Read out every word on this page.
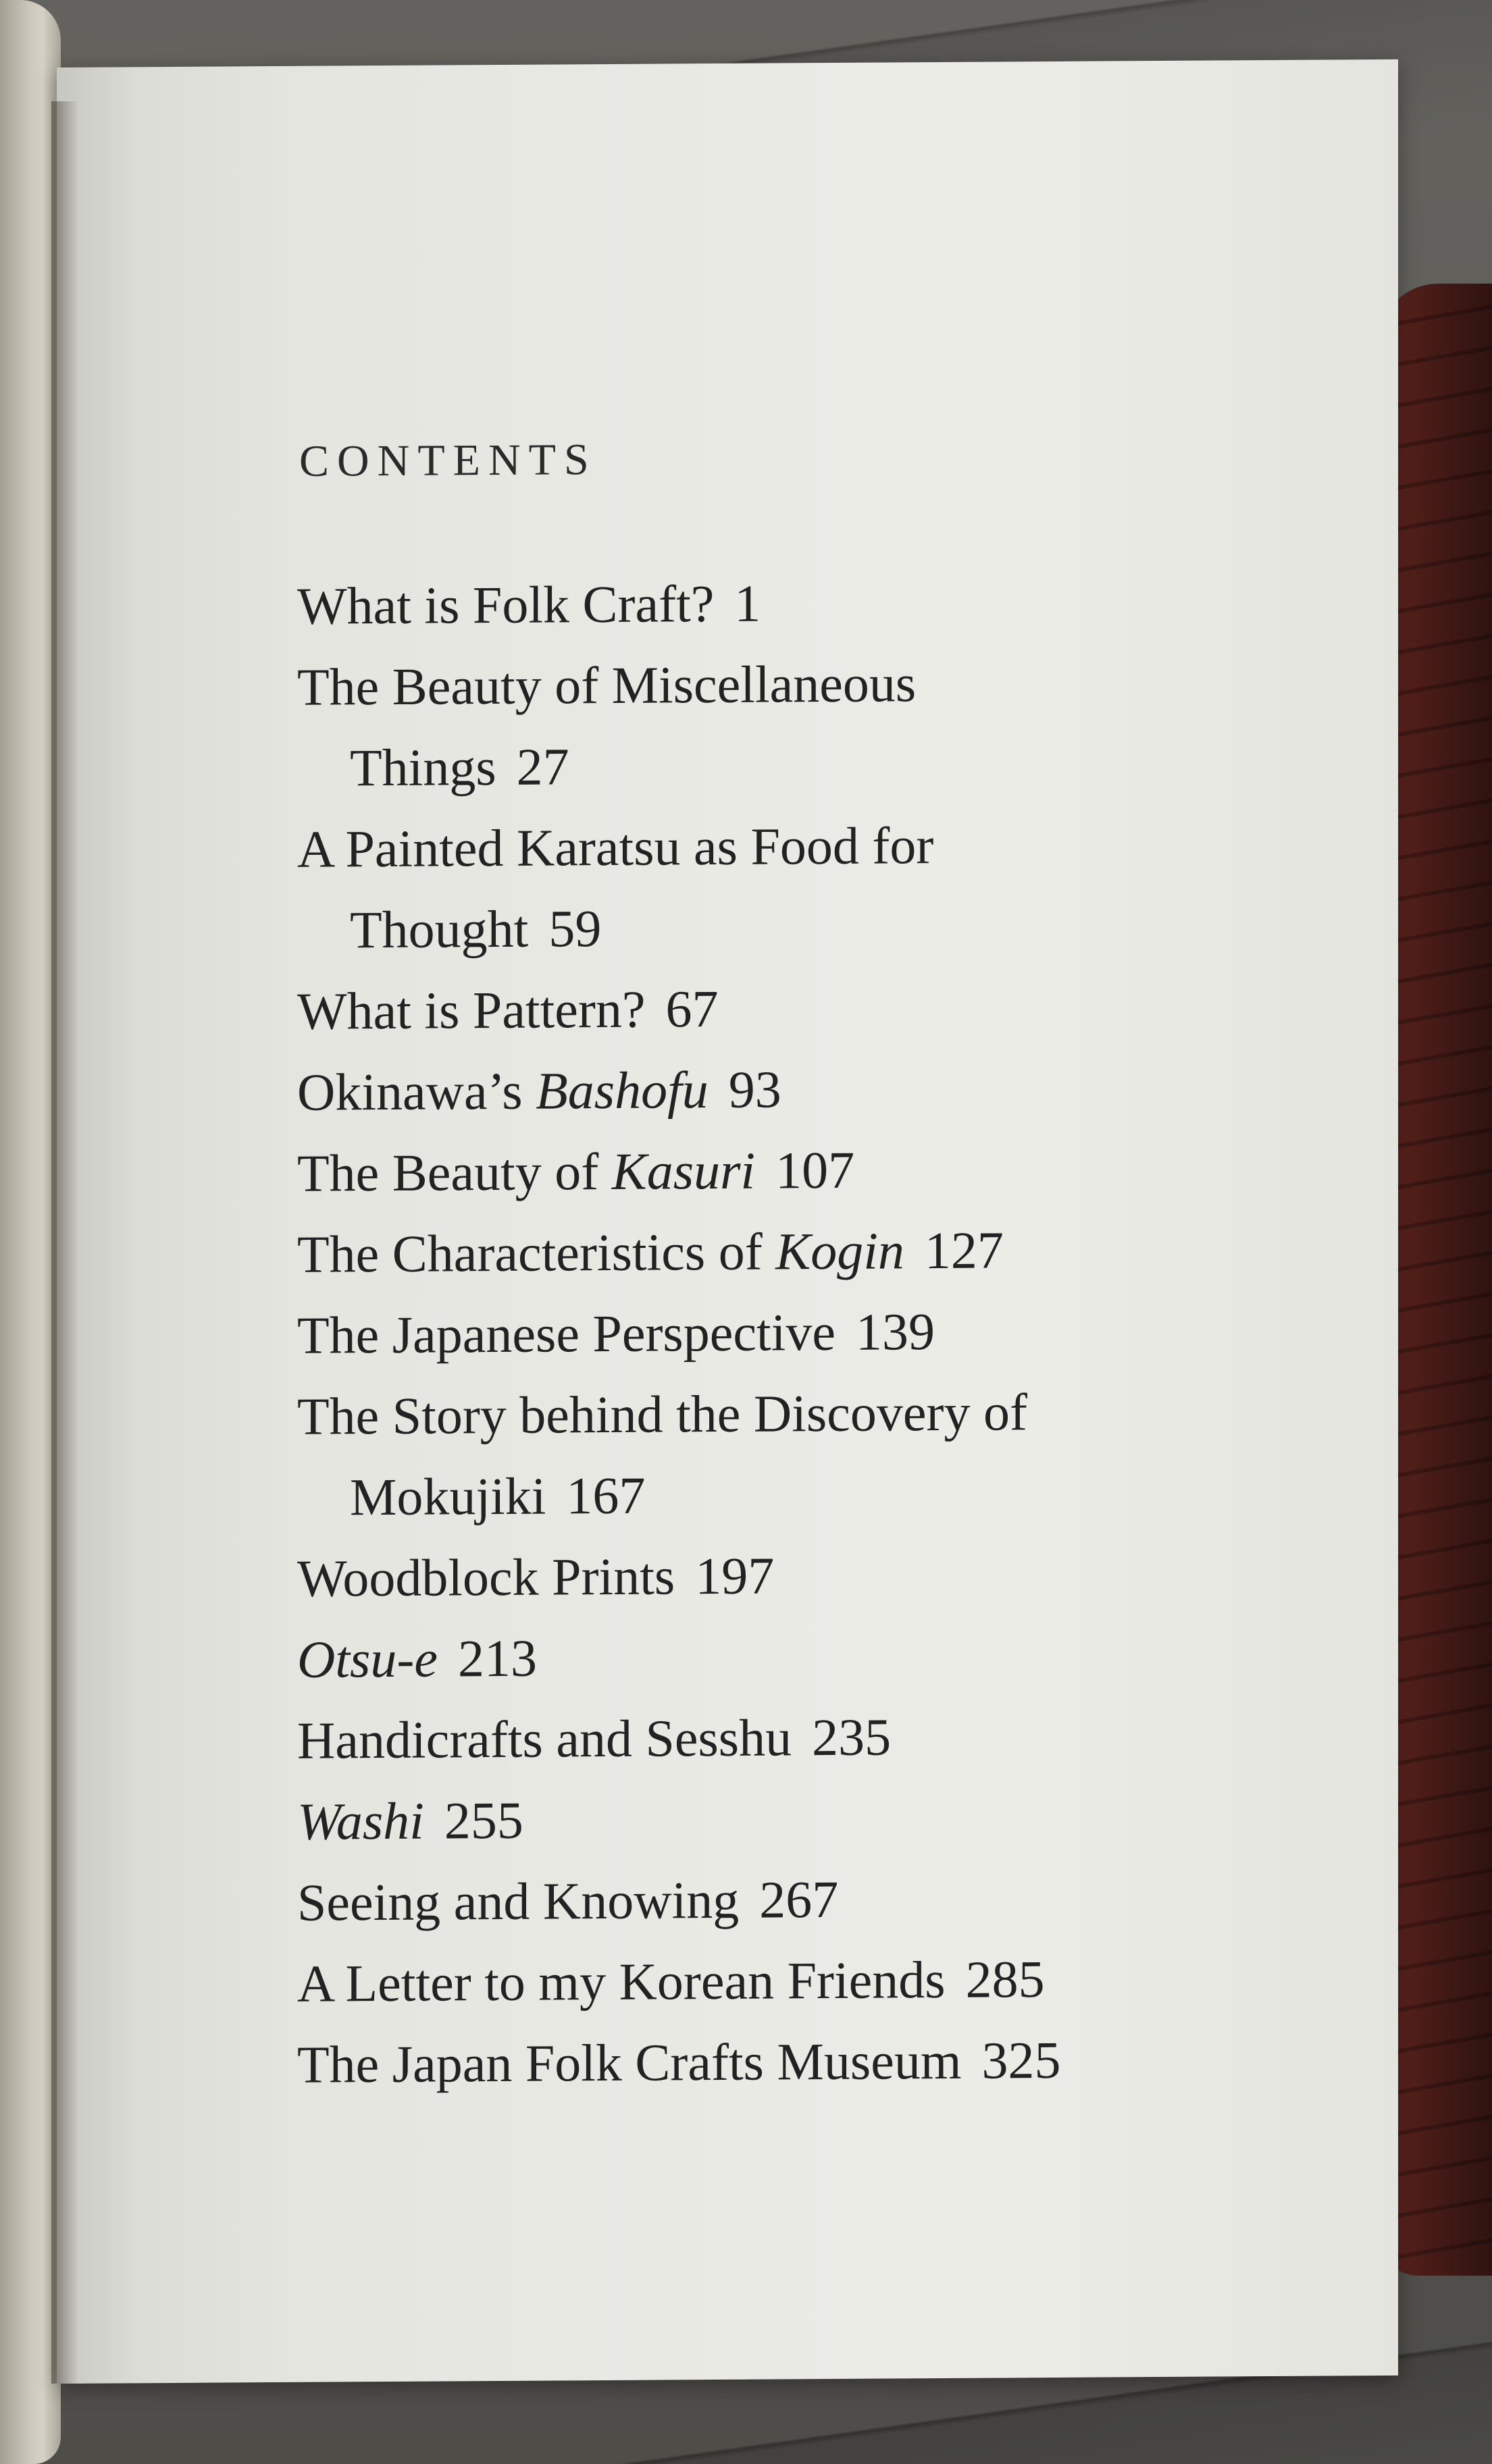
CONTENTS
What is Folk Craft? 1
The Beauty of Miscellaneous
Things 27
A Painted Karatsu as Food for
Thought 59
What is Pattern? 67
Okinawa’s Bashofu 93
The Beauty of Kasuri 107
The Characteristics of Kogin 127
The Japanese Perspective 139
The Story behind the Discovery of
Mokujiki 167
Woodblock Prints 197
Otsu-e 213
Handicrafts and Sesshu 235
Washi 255
Seeing and Knowing 267
A Letter to my Korean Friends 285
The Japan Folk Crafts Museum 325
